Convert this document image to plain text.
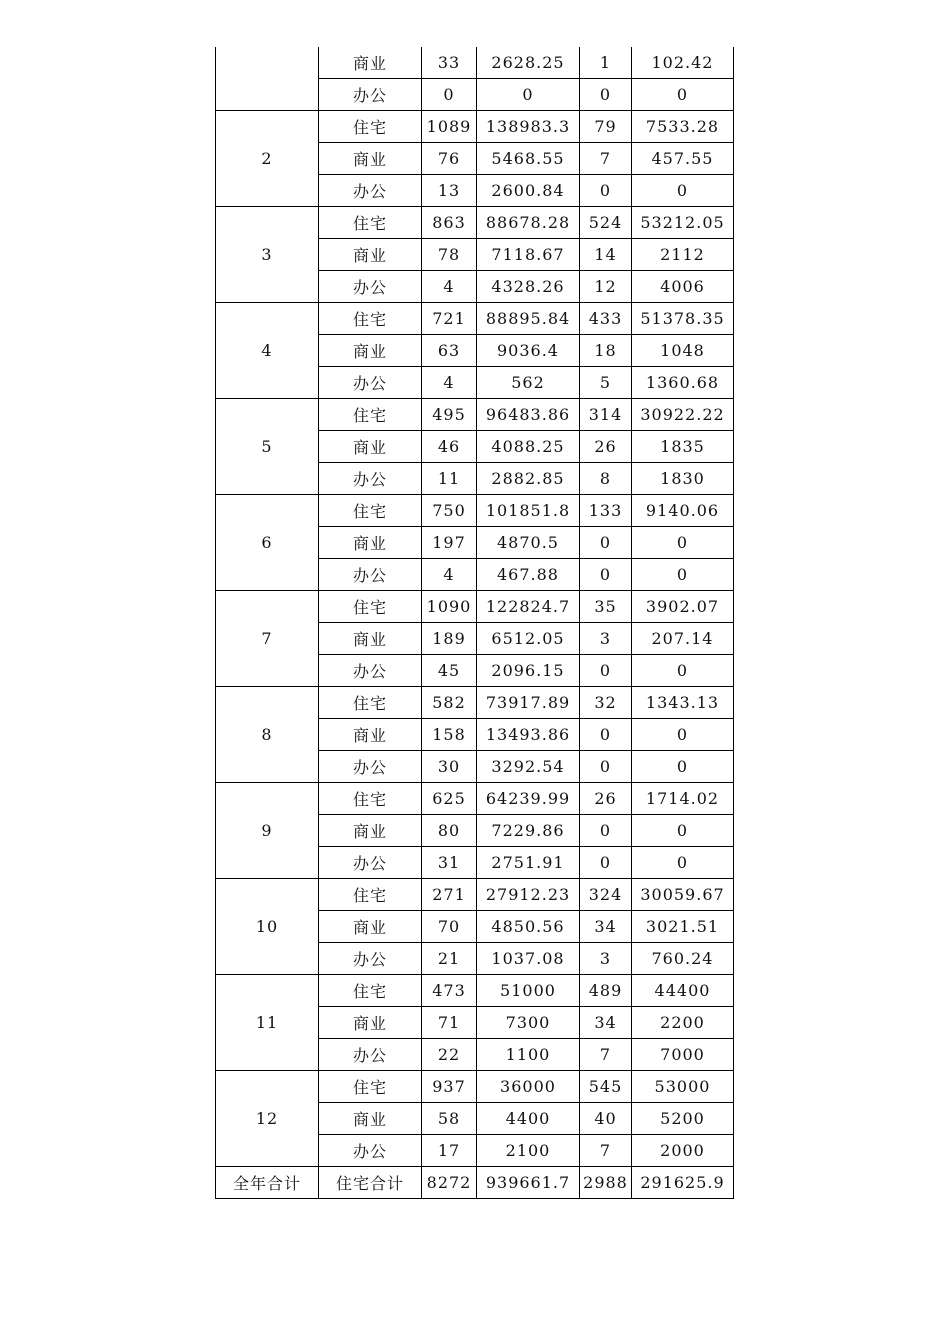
	商业	33	2628.25	1	102.42
	办公	0	0	0	0
2	住宅	1089	138983.3	79	7533.28
	商业	76	5468.55	7	457.55
	办公	13	2600.84	0	0
3	住宅	863	88678.28	524	53212.05
	商业	78	7118.67	14	2112
	办公	4	4328.26	12	4006
4	住宅	721	88895.84	433	51378.35
	商业	63	9036.4	18	1048
	办公	4	562	5	1360.68
5	住宅	495	96483.86	314	30922.22
	商业	46	4088.25	26	1835
	办公	11	2882.85	8	1830
6	住宅	750	101851.8	133	9140.06
	商业	197	4870.5	0	0
	办公	4	467.88	0	0
7	住宅	1090	122824.7	35	3902.07
	商业	189	6512.05	3	207.14
	办公	45	2096.15	0	0
8	住宅	582	73917.89	32	1343.13
	商业	158	13493.86	0	0
	办公	30	3292.54	0	0
9	住宅	625	64239.99	26	1714.02
	商业	80	7229.86	0	0
	办公	31	2751.91	0	0
10	住宅	271	27912.23	324	30059.67
	商业	70	4850.56	34	3021.51
	办公	21	1037.08	3	760.24
11	住宅	473	51000	489	44400
	商业	71	7300	34	2200
	办公	22	1100	7	7000
12	住宅	937	36000	545	53000
	商业	58	4400	40	5200
	办公	17	2100	7	2000
全年合计	住宅合计	8272	939661.7	2988	291625.9
